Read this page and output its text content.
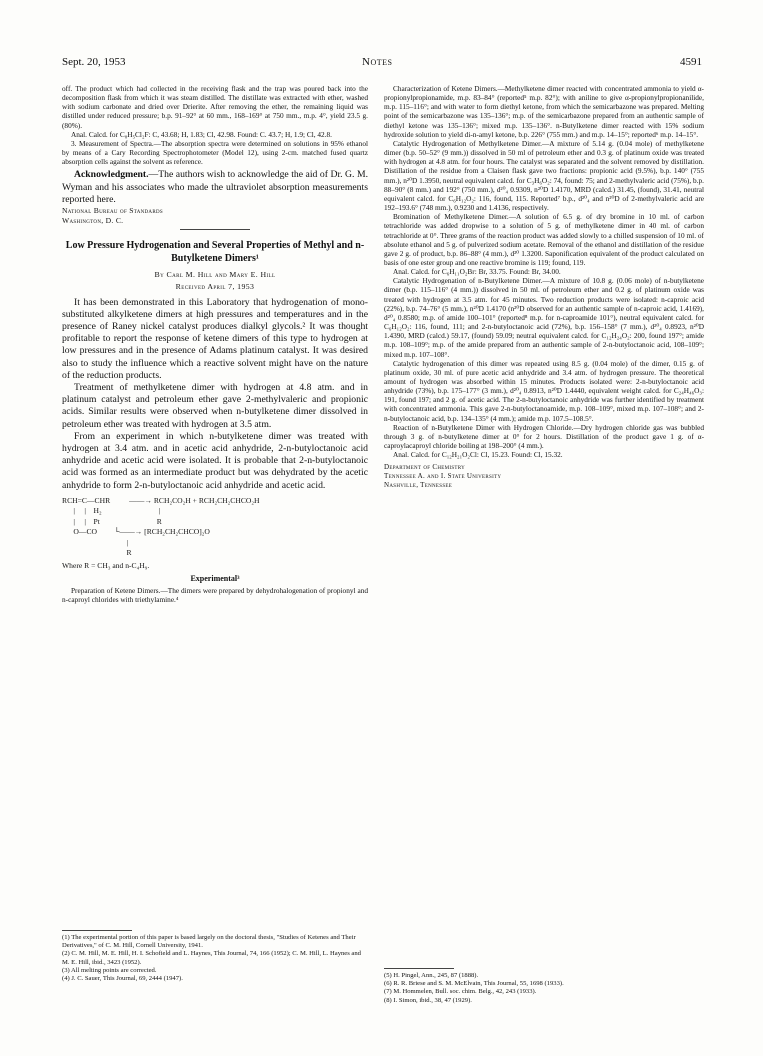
Sept. 20, 1953	Notes	4591

off. The product which had collected in the receiving flask and the trap was poured back into the decomposition flask from which it was steam distilled. The distillate was extracted with ether, washed with sodium carbonate and dried over Drierite. After removing the ether, the remaining liquid was distilled under reduced pressure; b.p. 91–92° at 60 mm., 168–169° at 750 mm., m.p. 4°, yield 23.5 g. (80%).

Anal. Calcd. for C₈H₅Cl₂F: C, 43.68; H, 1.83; Cl, 42.98. Found: C. 43.7; H, 1.9; Cl, 42.8.

3. Measurement of Spectra.—The absorption spectra were determined on solutions in 95% ethanol by means of a Cary Recording Spectrophotometer (Model 12), using 2-cm. matched fused quartz absorption cells against the solvent as reference.

Acknowledgment.—The authors wish to acknowledge the aid of Dr. G. M. Wyman and his associates who made the ultraviolet absorption measurements reported here.

National Bureau of Standards

Washington, D. C.

Low Pressure Hydrogenation and Several Properties of Methyl and n-Butylketene Dimers¹
By Carl M. Hill and Mary E. Hill
Received April 7, 1953

It has been demonstrated in this Laboratory that hydrogenation of mono-substituted alkylketene dimers at high pressures and temperatures and in the presence of Raney nickel catalyst produces dialkyl glycols.² It was thought profitable to report the response of ketene dimers of this type to hydrogen at low pressures and in the presence of Adams platinum catalyst. It was desired also to study the influence which a reactive solvent might have on the nature of the reduction products.

Treatment of methylketene dimer with hydrogen at 4.8 atm. and in platinum catalyst and petroleum ether gave 2-methylvaleric and propionic acids. Similar results were observed when n-butylketene dimer dissolved in petroleum ether was treated with hydrogen at 3.5 atm.

From an experiment in which n-butylketene dimer was treated with hydrogen at 3.4 atm. and in acetic acid anhydride, 2-n-butyloctanoic acid anhydride and acetic acid were isolated. It is probable that 2-n-butyloctanoic acid was formed as an intermediate product but was dehydrated by the acetic anhydride to form 2-n-butyloctanoic acid anhydride and acetic acid.

RCH=C—CHR          ——→ RCH₂CO₂H + RCH₂CH₂CHCO₂H
|     |    H₂                              |
|     |    Pt                              R
O—CO         └——→ [RCH₂CH₂CHCO]₂O
|
R
Where R = CH₃ and n-C₄H₉.
Experimental³

Preparation of Ketene Dimers.—The dimers were prepared by dehydrohalogenation of propionyl and n-caproyl chlorides with triethylamine.⁴

(1) The experimental portion of this paper is based largely on the doctoral thesis, "Studies of Ketenes and Their Derivatives," of C. M. Hill, Cornell University, 1941.
(2) C. M. Hill, M. E. Hill, H. I. Schofield and L. Haynes, This Journal, 74, 166 (1952); C. M. Hill, L. Haynes and M. E. Hill, ibid., 3423 (1952).
(3) All melting points are corrected.
(4) J. C. Sauer, This Journal, 69, 2444 (1947).

Characterization of Ketene Dimers.—Methylketene dimer reacted with concentrated ammonia to yield α-propionylpropionamide, m.p. 83–84° (reported⁵ m.p. 82°); with aniline to give α-propionylpropionanilide, m.p. 115–116°; and with water to form diethyl ketone, from which the semicarbazone was prepared. Melting point of the semicarbazone was 135–136°; m.p. of the semicarbazone prepared from an authentic sample of diethyl ketone was 135–136°; mixed m.p. 135–136°. n-Butylketene dimer reacted with 15% sodium hydroxide solution to yield di-n-amyl ketone, b.p. 226° (755 mm.) and m.p. 14–15°; reported⁶ m.p. 14–15°.

Catalytic Hydrogenation of Methylketene Dimer.—A mixture of 5.14 g. (0.04 mole) of methylketene dimer (b.p. 50–52° (9 mm.)) dissolved in 50 ml of petroleum ether and 0.3 g. of platinum oxide was treated with hydrogen at 4.8 atm. for four hours. The catalyst was separated and the solvent removed by distillation. Distillation of the residue from a Claisen flask gave two fractions: propionic acid (9.5%), b.p. 140° (755 mm.), n²⁰D 1.3950, neutral equivalent calcd. for C₃H₆O₂: 74, found: 75; and 2-methylvaleric acid (75%), b.p. 88–90° (8 mm.) and 192° (750 mm.), d²⁰₄ 0.9309, n²⁰D 1.4170, MRD (calcd.) 31.45, (found), 31.41, neutral equivalent calcd. for C₆H₁₂O₂: 116, found, 115. Reported⁷ b.p., d²⁰₄ and n²⁰D of 2-methylvaleric acid are 192–193.6° (748 mm.), 0.9230 and 1.4136, respectively.

Bromination of Methylketene Dimer.—A solution of 6.5 g. of dry bromine in 10 ml. of carbon tetrachloride was added dropwise to a solution of 5 g. of methylketene dimer in 40 ml. of carbon tetrachloride at 0°. Three grams of the reaction product was added slowly to a chilled suspension of 10 ml. of absolute ethanol and 5 g. of pulverized sodium acetate. Removal of the ethanol and distillation of the residue gave 2 g. of product, b.p. 86–88° (4 mm.), d²⁰ 1.3200. Saponification equivalent of the product calculated on basis of one ester group and one reactive bromine is 119; found, 119.

Anal. Calcd. for C₆H₁₁O₂Br: Br, 33.75. Found: Br, 34.00.

Catalytic Hydrogenation of n-Butylketene Dimer.—A mixture of 10.8 g. (0.06 mole) of n-butylketene dimer (b.p. 115–116° (4 mm.)) dissolved in 50 ml. of petroleum ether and 0.2 g. of platinum oxide was treated with hydrogen at 3.5 atm. for 45 minutes. Two reduction products were isolated: n-caproic acid (22%), b.p. 74–76° (5 mm.), n²⁰D 1.4170 (n²⁰D observed for an authentic sample of n-caproic acid, 1.4169), d²⁰₄ 0.8580; m.p. of amide 100–101° (reported⁸ m.p. for n-caproamide 101°), neutral equivalent calcd. for C₆H₁₂O₂: 116, found, 111; and 2-n-butyloctanoic acid (72%), b.p. 156–158° (7 mm.), d²⁰₄ 0.8923, n²⁰D 1.4390, MRD (calcd.) 59.17, (found) 59.09; neutral equivalent calcd. for C₁₂H₂₄O₂: 200, found 197°; amide m.p. 108–109°; m.p. of the amide prepared from an authentic sample of 2-n-butyloctanoic acid, 108–109°; mixed m.p. 107–108°.

Catalytic hydrogenation of this dimer was repeated using 8.5 g. (0.04 mole) of the dimer, 0.15 g. of platinum oxide, 30 ml. of pure acetic acid anhydride and 3.4 atm. of hydrogen pressure. The theoretical amount of hydrogen was absorbed within 15 minutes. Products isolated were: 2-n-butyloctanoic acid anhydride (73%), b.p. 175–177° (3 mm.), d²⁰₄ 0.8913, n²⁰D 1.4440, equivalent weight calcd. for C₂₄H₄₆O₃: 191, found 197; and 2 g. of acetic acid. The 2-n-butyloctanoic anhydride was further identified by treatment with concentrated ammonia. This gave 2-n-butyloctanoamide, m.p. 108–109°, mixed m.p. 107–108°; and 2-n-butyloctanoic acid, b.p. 134–135° (4 mm.); amide m.p. 107.5–108.5°.

Reaction of n-Butylketene Dimer with Hydrogen Chloride.—Dry hydrogen chloride gas was bubbled through 3 g. of n-butylketene dimer at 0° for 2 hours. Distillation of the product gave 1 g. of α-caproylacaproyl chloride boiling at 198–200° (4 mm.).

Anal. Calcd. for C₁₂H₂₁O₂Cl: Cl, 15.23. Found: Cl, 15.32.

Department of Chemistry
Tennessee A. and I. State University
Nashville, Tennessee
(5) H. Pingel, Ann., 245, 87 (1888).
(6) R. R. Briese and S. M. McElvain, This Journal, 55, 1698 (1933).
(7) M. Hommelen, Bull. soc. chim. Belg., 42, 243 (1933).
(8) I. Simon, ibid., 38, 47 (1929).
